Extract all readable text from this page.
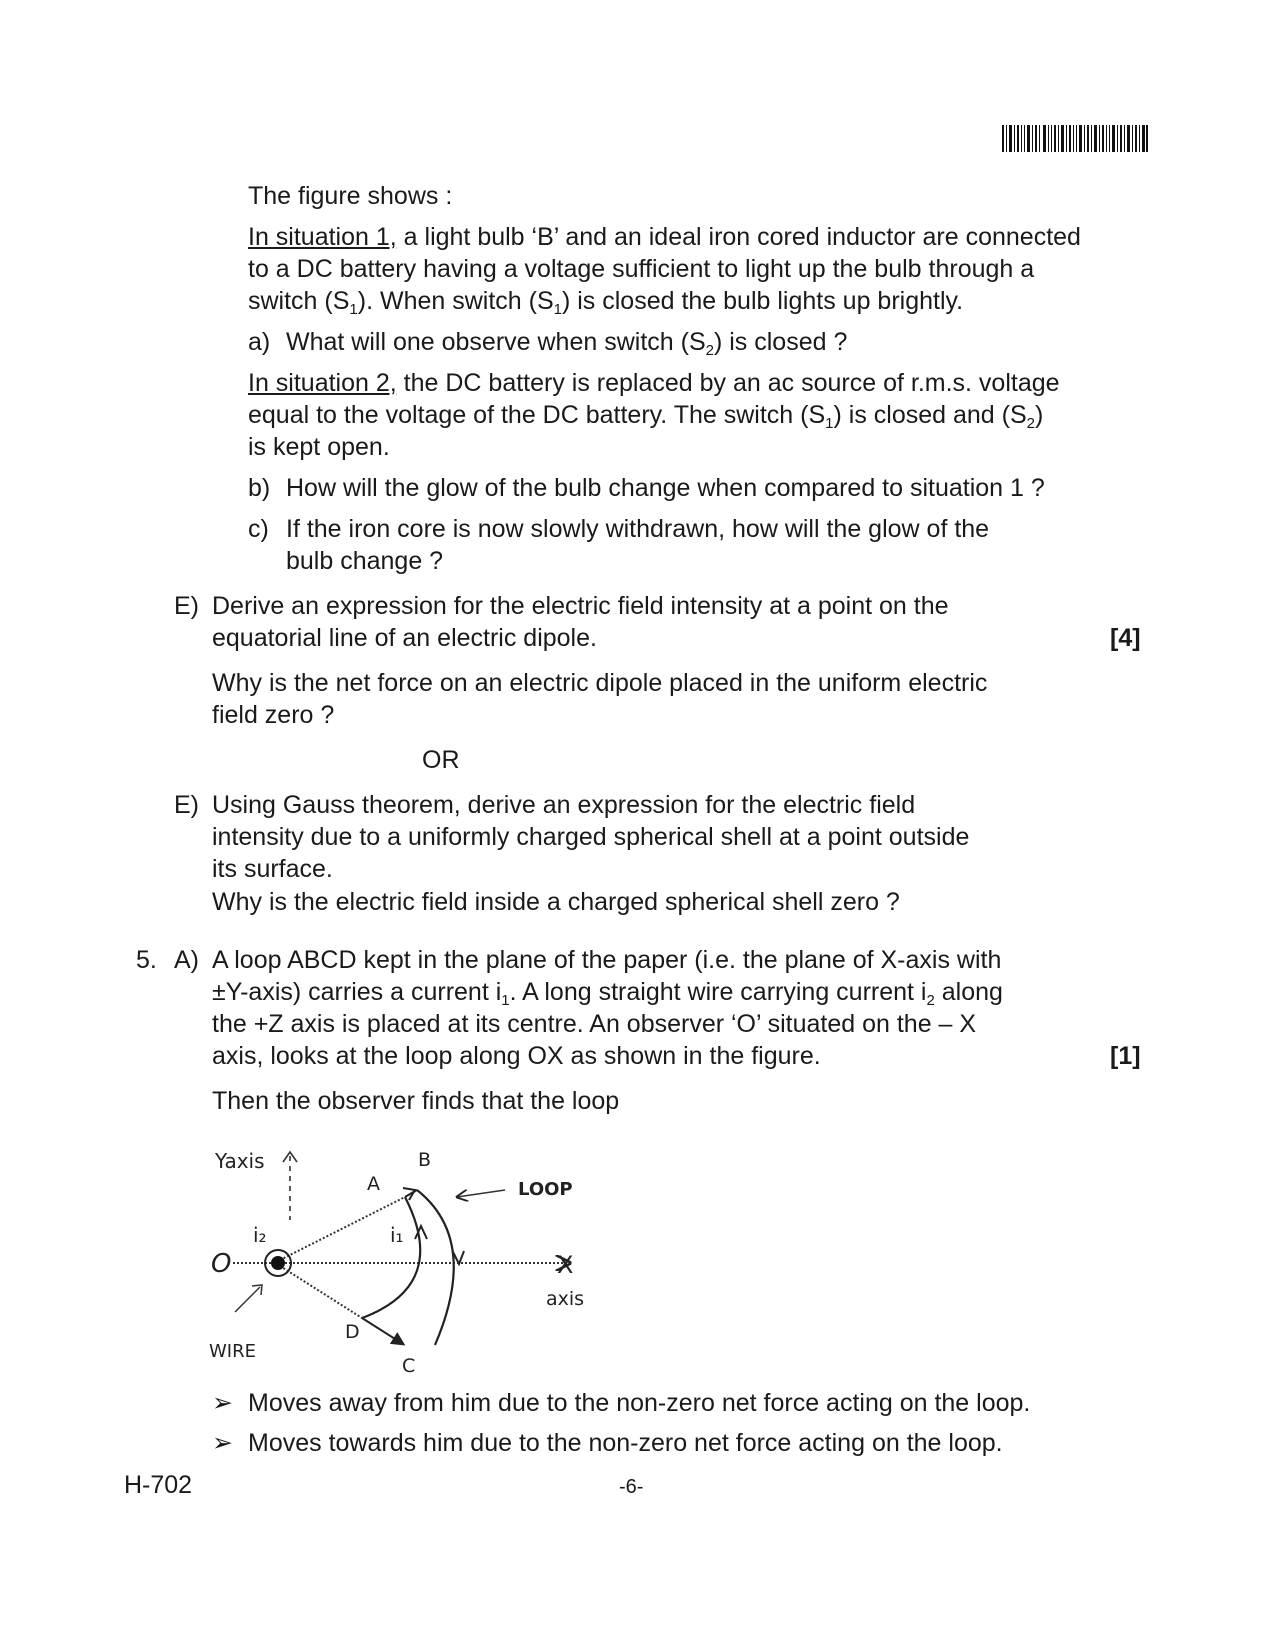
The figure shows :
In situation 1, a light bulb ‘B’ and an ideal iron cored inductor are connected
to a DC battery having a voltage sufficient to light up the bulb through a
switch $(S_1)$. When switch $(S_1)$ is closed the bulb lights up brightly.
a) What will one observe when switch $(S_2)$ is closed ?
In situation 2, the DC battery is replaced by an ac source of r.m.s. voltage
equal to the voltage of the DC battery. The switch $(S_1)$ is closed and $(S_2)$
is kept open.
b) How will the glow of the bulb change when compared to situation 1 ?
c) If the iron core is now slowly withdrawn, how will the glow of the
bulb change ?
E) Derive an expression for the electric field intensity at a point on the
equatorial line of an electric dipole.	[4]
Why is the net force on an electric dipole placed in the uniform electric
field zero ?
OR
E) Using Gauss theorem, derive an expression for the electric field
intensity due to a uniformly charged spherical shell at a point outside
its surface.
Why is the electric field inside a charged spherical shell zero ?
5. A) A loop ABCD kept in the plane of the paper (i.e. the plane of X-axis with
±Y-axis) carries a current $i_1$. A long straight wire carrying current $i_2$ along
the +Z axis is placed at its centre. An observer ‘O’ situated on the – X
axis, looks at the loop along OX as shown in the figure.	[1]
Then the observer finds that the loop
Yaxis
i₂	i₁
O
A
B
LOOP
X
axis
D
C
WIRE
➢ Moves away from him due to the non-zero net force acting on the loop.
➢ Moves towards him due to the non-zero net force acting on the loop.
H-702	-6-
